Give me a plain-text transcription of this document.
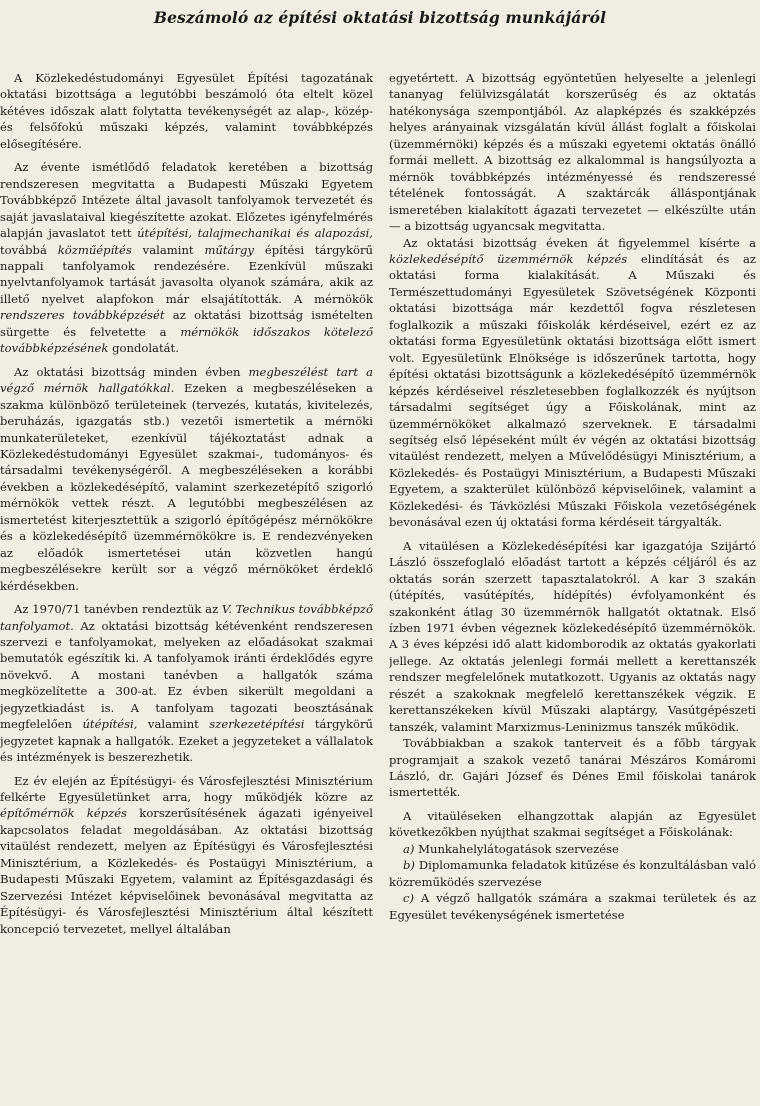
Beszámoló az építési oktatási bizottság munkájáról

A Közlekedéstudományi Egyesület Építési tagozatának oktatási bizottsága a legutóbbi beszámoló óta eltelt közel kétéves időszak alatt folytatta tevékenységét az alap-, közép- és felsőfokú műszaki képzés, valamint továbbképzés elősegítésére.

Az évente ismétlődő feladatok keretében a bizottság rendszeresen megvitatta a Budapesti Műszaki Egyetem Továbbképző Intézete által javasolt tanfolyamok tervezetét és saját javaslataival kiegészítette azokat. Előzetes igényfelmérés alapján javaslatot tett útépítési, talajmechanikai és alapozási, továbbá közműépítés valamint műtárgy építési tárgykörű nappali tanfolyamok rendezésére. Ezenkívül műszaki nyelvtanfolyamok tartását javasolta olyanok számára, akik az illető nyelvet alapfokon már elsajátították. A mérnökök rendszeres továbbképzését az oktatási bizottság ismételten sürgette és felvetette a mérnökök időszakos kötelező továbbképzésének gondolatát.

Az oktatási bizottság minden évben megbeszélést tart a végző mérnök hallgatókkal. Ezeken a megbeszéléseken a szakma különböző területeinek (tervezés, kutatás, kivitelezés, beruházás, igazgatás stb.) vezetői ismertetik a mérnöki munkaterületeket, ezenkívül tájékoztatást adnak a Közlekedéstudományi Egyesület szakmai-, tudományos- és társadalmi tevékenységéről. A megbeszéléseken a korábbi években a közlekedésépítő, valamint szerkezetépítő szigorló mérnökök vettek részt. A legutóbbi megbeszélésen az ismertetést kiterjesztettük a szigorló építőgépész mérnökökre és a közlekedésépítő üzemmérnökökre is. E rendezvényeken az előadók ismertetései után közvetlen hangú megbeszélésekre került sor a végző mérnököket érdeklő kérdésekben.

Az 1970/71 tanévben rendeztük az V. Technikus továbbképző tanfolyamot. Az oktatási bizottság kétévenként rendszeresen szervezi e tanfolyamokat, melyeken az előadásokat szakmai bemutatók egészítik ki. A tanfolyamok iránti érdeklődés egyre növekvő. A mostani tanévben a hallgatók száma megközelítette a 300-at. Ez évben sikerült megoldani a jegyzetkiadást is. A tanfolyam tagozati beosztásának megfelelően útépítési, valamint szerkezetépítési tárgykörű jegyzetet kapnak a hallgatók. Ezeket a jegyzeteket a vállalatok és intézmények is beszerezhetik.

Ez év elején az Építésügyi- és Városfejlesztési Minisztérium felkérte Egyesületünket arra, hogy működjék közre az építőmérnök képzés korszerűsítésének ágazati igényeivel kapcsolatos feladat megoldásában. Az oktatási bizottság vitaülést rendezett, melyen az Építésügyi és Városfejlesztési Minisztérium, a Közlekedés- és Postaügyi Minisztérium, a Budapesti Műszaki Egyetem, valamint az Építésgazdasági és Szervezési Intézet képviselőinek bevonásával megvitatta az Építésügyi- és Városfejlesztési Minisztérium által készített koncepció tervezetet, mellyel általában

egyetértett. A bizottság egyöntetűen helyeselte a jelenlegi tananyag felülvizsgálatát korszerűség és az oktatás hatékonysága szempontjából. Az alapképzés és szakképzés helyes arányainak vizsgálatán kívül állást foglalt a főiskolai (üzemmérnöki) képzés és a műszaki egyetemi oktatás önálló formái mellett. A bizottság ez alkalommal is hangsúlyozta a mérnök továbbképzés intézményessé és rendszeressé tételének fontosságát. A szaktárcák álláspontjának ismeretében kialakított ágazati tervezetet — elkészülte után — a bizottság ugyancsak megvitatta.

Az oktatási bizottság éveken át figyelemmel kísérte a közlekedésépítő üzemmérnök képzés elindítását és az oktatási forma kialakítását. A Műszaki és Természettudományi Egyesületek Szövetségének Központi oktatási bizottsága már kezdettől fogva részletesen foglalkozik a műszaki főiskolák kérdéseivel, ezért ez az oktatási forma Egyesületünk oktatási bizottsága előtt ismert volt. Egyesületünk Elnöksége is időszerűnek tartotta, hogy építési oktatási bizottságunk a közlekedésépítő üzemmérnök képzés kérdéseivel részletesebben foglalkozzék és nyújtson társadalmi segítséget úgy a Főiskolának, mint az üzemmérnököket alkalmazó szerveknek. E társadalmi segítség első lépéseként múlt év végén az oktatási bizottság vitaülést rendezett, melyen a Művelődésügyi Minisztérium, a Közlekedés- és Postaügyi Minisztérium, a Budapesti Műszaki Egyetem, a szakterület különböző képviselőinek, valamint a Közlekedési- és Távközlési Műszaki Főiskola vezetőségének bevonásával ezen új oktatási forma kérdéseit tárgyalták.

A vitaülésen a Közlekedésépítési kar igazgatója Szijártó László összefoglaló előadást tartott a képzés céljáról és az oktatás során szerzett tapasztalatokról. A kar 3 szakán (útépítés, vasútépítés, hídépítés) évfolyamonként és szakonként átlag 30 üzemmérnök hallgatót oktatnak. Első ízben 1971 évben végeznek közlekedésépítő üzemmérnökök. A 3 éves képzési idő alatt kidomborodik az oktatás gyakorlati jellege. Az oktatás jelenlegi formái mellett a kerettanszék rendszer megfelelőnek mutatkozott. Ugyanis az oktatás nagy részét a szakoknak megfelelő kerettanszékek végzik. E kerettanszékeken kívül Műszaki alaptárgy, Vasútgépészeti tanszék, valamint Marxizmus-Leninizmus tanszék működik.

Továbbiakban a szakok tanterveit és a főbb tárgyak programjait a szakok vezető tanárai Mészáros Komáromi László, dr. Gajári József és Dénes Emil főiskolai tanárok ismertették.

A vitaüléseken elhangzottak alapján az Egyesület következőkben nyújthat szakmai segítséget a Főiskolának:

a) Munkahelylátogatások szervezése

b) Diplomamunka feladatok kitűzése és konzultálásban való közreműködés szervezése

c) A végző hallgatók számára a szakmai területek és az Egyesület tevékenységének ismertetése
